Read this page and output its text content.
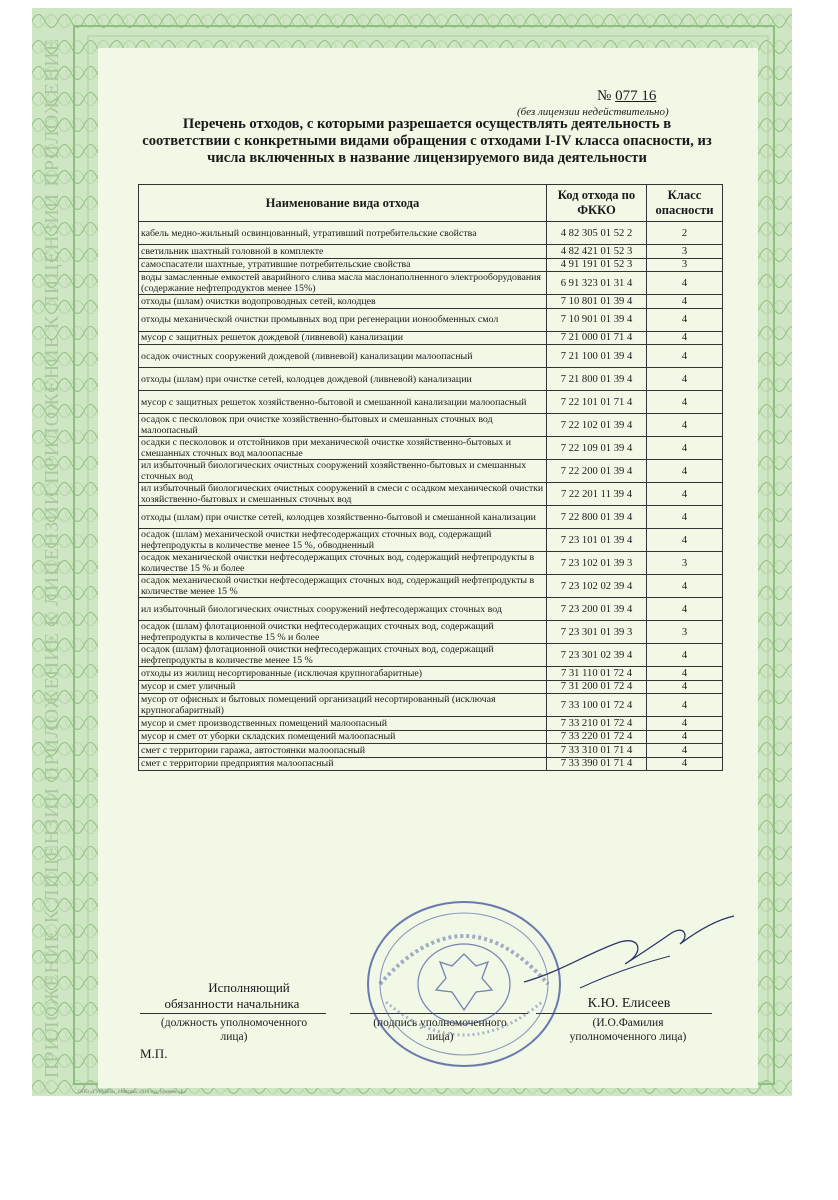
ПРИЛОЖЕНИЕ К ЛИЦЕНЗИИ ПРИЛОЖЕНИЕ К ЛИЦЕНЗИИ ПРИЛОЖЕНИЕ К ЛИЦЕНЗИИ ПРИЛОЖЕНИЕ	№ 077 16
(без лицензии недействительно)
Перечень отходов, с которыми разрешается осуществлять деятельность в соответствии с конкретными видами обращения с отходами I-IV класса опасности, из числа включенных в название лицензируемого вида деятельности
Наименование вида отхода	Код отхода по ФККО	Класс опасности
кабель медно-жильный освинцованный, утративший потребительские свойства	4 82 305 01 52 2	2
светильник шахтный головной в комплекте	4 82 421 01 52 3	3
самоспасатели шахтные, утратившие потребительские свойства	4 91 191 01 52 3	3
воды замасленные емкостей аварийного слива масла маслонаполненного электрооборудования (содержание нефтепродуктов менее 15%)	6 91 323 01 31 4	4
отходы (шлам) очистки водопроводных сетей, колодцев	7 10 801 01 39 4	4
отходы механической очистки промывных вод при регенерации ионообменных смол	7 10 901 01 39 4	4
мусор с защитных решеток дождевой (ливневой) канализации	7 21 000 01 71 4	4
осадок очистных сооружений дождевой (ливневой) канализации малоопасный	7 21 100 01 39 4	4
отходы (шлам) при очистке сетей, колодцев дождевой (ливневой) канализации	7 21 800 01 39 4	4
мусор с защитных решеток хозяйственно-бытовой и смешанной канализации малоопасный	7 22 101 01 71 4	4
осадок с песколовок при очистке хозяйственно-бытовых и смешанных сточных вод малоопасный	7 22 102 01 39 4	4
осадки с песколовок и отстойников при механической очистке хозяйственно-бытовых и смешанных сточных вод малоопасные	7 22 109 01 39 4	4
ил избыточный биологических очистных сооружений хозяйственно-бытовых и смешанных сточных вод	7 22 200 01 39 4	4
ил избыточный биологических очистных сооружений в смеси с осадком механической очистки хозяйственно-бытовых и смешанных сточных вод	7 22 201 11 39 4	4
отходы (шлам) при очистке сетей, колодцев хозяйственно-бытовой и смешанной канализации	7 22 800 01 39 4	4
осадок (шлам) механической очистки нефтесодержащих сточных вод, содержащий нефтепродукты в количестве менее 15 %, обводненный	7 23 101 01 39 4	4
осадок механической очистки нефтесодержащих сточных вод, содержащий нефтепродукты в количестве 15 % и более	7 23 102 01 39 3	3
осадок механической очистки нефтесодержащих сточных вод, содержащий нефтепродукты в количестве менее 15 %	7 23 102 02 39 4	4
ил избыточный биологических очистных сооружений нефтесодержащих сточных вод	7 23 200 01 39 4	4
осадок (шлам) флотационной очистки нефтесодержащих сточных вод, содержащий нефтепродукты в количестве 15 % и более	7 23 301 01 39 3	3
осадок (шлам) флотационной очистки нефтесодержащих сточных вод, содержащий нефтепродукты в количестве менее 15 %	7 23 301 02 39 4	4
отходы из жилищ несортированные (исключая крупногабаритные)	7 31 110 01 72 4	4
мусор и смет уличный	7 31 200 01 72 4	4
мусор от офисных и бытовых помещений организаций несортированный (исключая крупногабаритный)	7 33 100 01 72 4	4
мусор и смет производственных помещений малоопасный	7 33 210 01 72 4	4
мусор и смет от уборки складских помещений малоопасный	7 33 220 01 72 4	4
смет с территории гаража, автостоянки малоопасный	7 33 310 01 71 4	4
смет с территории предприятия малоопасный	7 33 390 01 71 4	4
Исполняющий
обязанности начальника
(должность уполномоченного лица)
(подпись уполномоченного лица)
К.Ю. Елисеев
(И.О.Фамилия уполномоченного лица)
М.П.
ООО «ГУРМЕН», г.Москва, 2016 год, уровень «Б»
